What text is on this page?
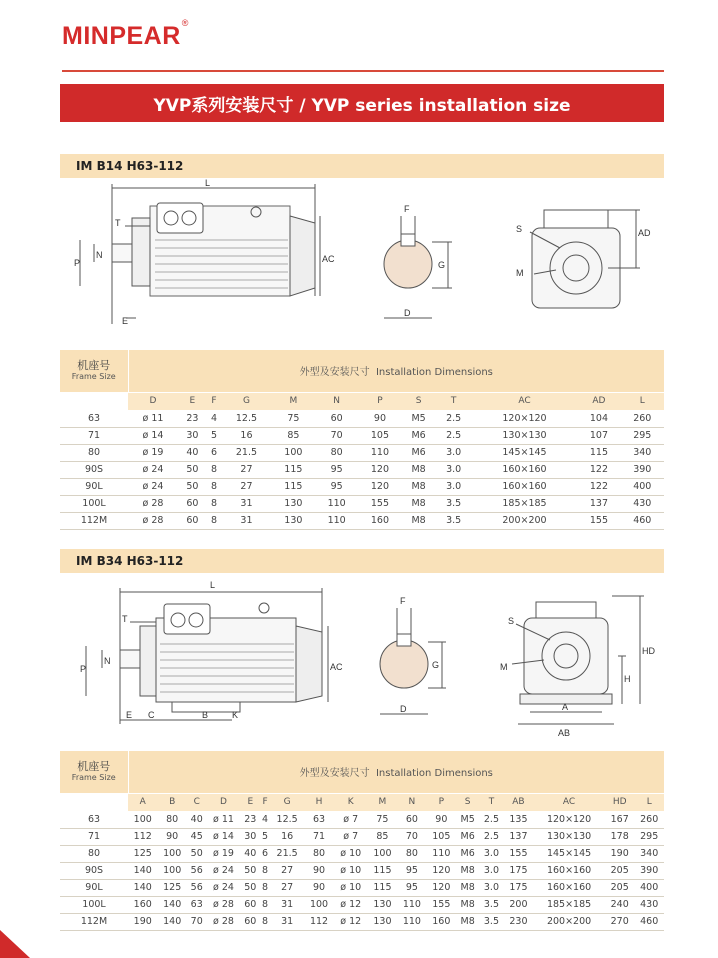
MINPEAR®
YVP系列安装尺寸 / YVP series installation size
IM B14 H63-112
L
T
P
N
E
AC
F
G
D
S
M
AD
机座号
Frame Size	外型及安装尺寸 Installation Dimensions											
	D	E	F	G	M	N	P	S	T	AC	AD	L
63	ø 11	23	4	12.5	75	60	90	M5	2.5	120×120	104	260
71	ø 14	30	5	16	85	70	105	M6	2.5	130×130	107	295
80	ø 19	40	6	21.5	100	80	110	M6	3.0	145×145	115	340
90S	ø 24	50	8	27	115	95	120	M8	3.0	160×160	122	390
90L	ø 24	50	8	27	115	95	120	M8	3.0	160×160	122	400
100L	ø 28	60	8	31	130	110	155	M8	3.5	185×185	137	430
112M	ø 28	60	8	31	130	110	160	M8	3.5	200×200	155	460
IM B34 H63-112
L
T
P
N
E C	B	K
AC
F
G
D
S
M
H
HD
A
AB
机座号
Frame Size	外型及安装尺寸 Installation Dimensions																	
	A	B	C	D	E	F	G	H	K	M	N	P	S	T	AB	AC	HD	L
63	100	80	40	ø 11	23	4	12.5	63	ø 7	75	60	90	M5	2.5	135	120×120	167	260
71	112	90	45	ø 14	30	5	16	71	ø 7	85	70	105	M6	2.5	137	130×130	178	295
80	125	100	50	ø 19	40	6	21.5	80	ø 10	100	80	110	M6	3.0	155	145×145	190	340
90S	140	100	56	ø 24	50	8	27	90	ø 10	115	95	120	M8	3.0	175	160×160	205	390
90L	140	125	56	ø 24	50	8	27	90	ø 10	115	95	120	M8	3.0	175	160×160	205	400
100L	160	140	63	ø 28	60	8	31	100	ø 12	130	110	155	M8	3.5	200	185×185	240	430
112M	190	140	70	ø 28	60	8	31	112	ø 12	130	110	160	M8	3.5	230	200×200	270	460
